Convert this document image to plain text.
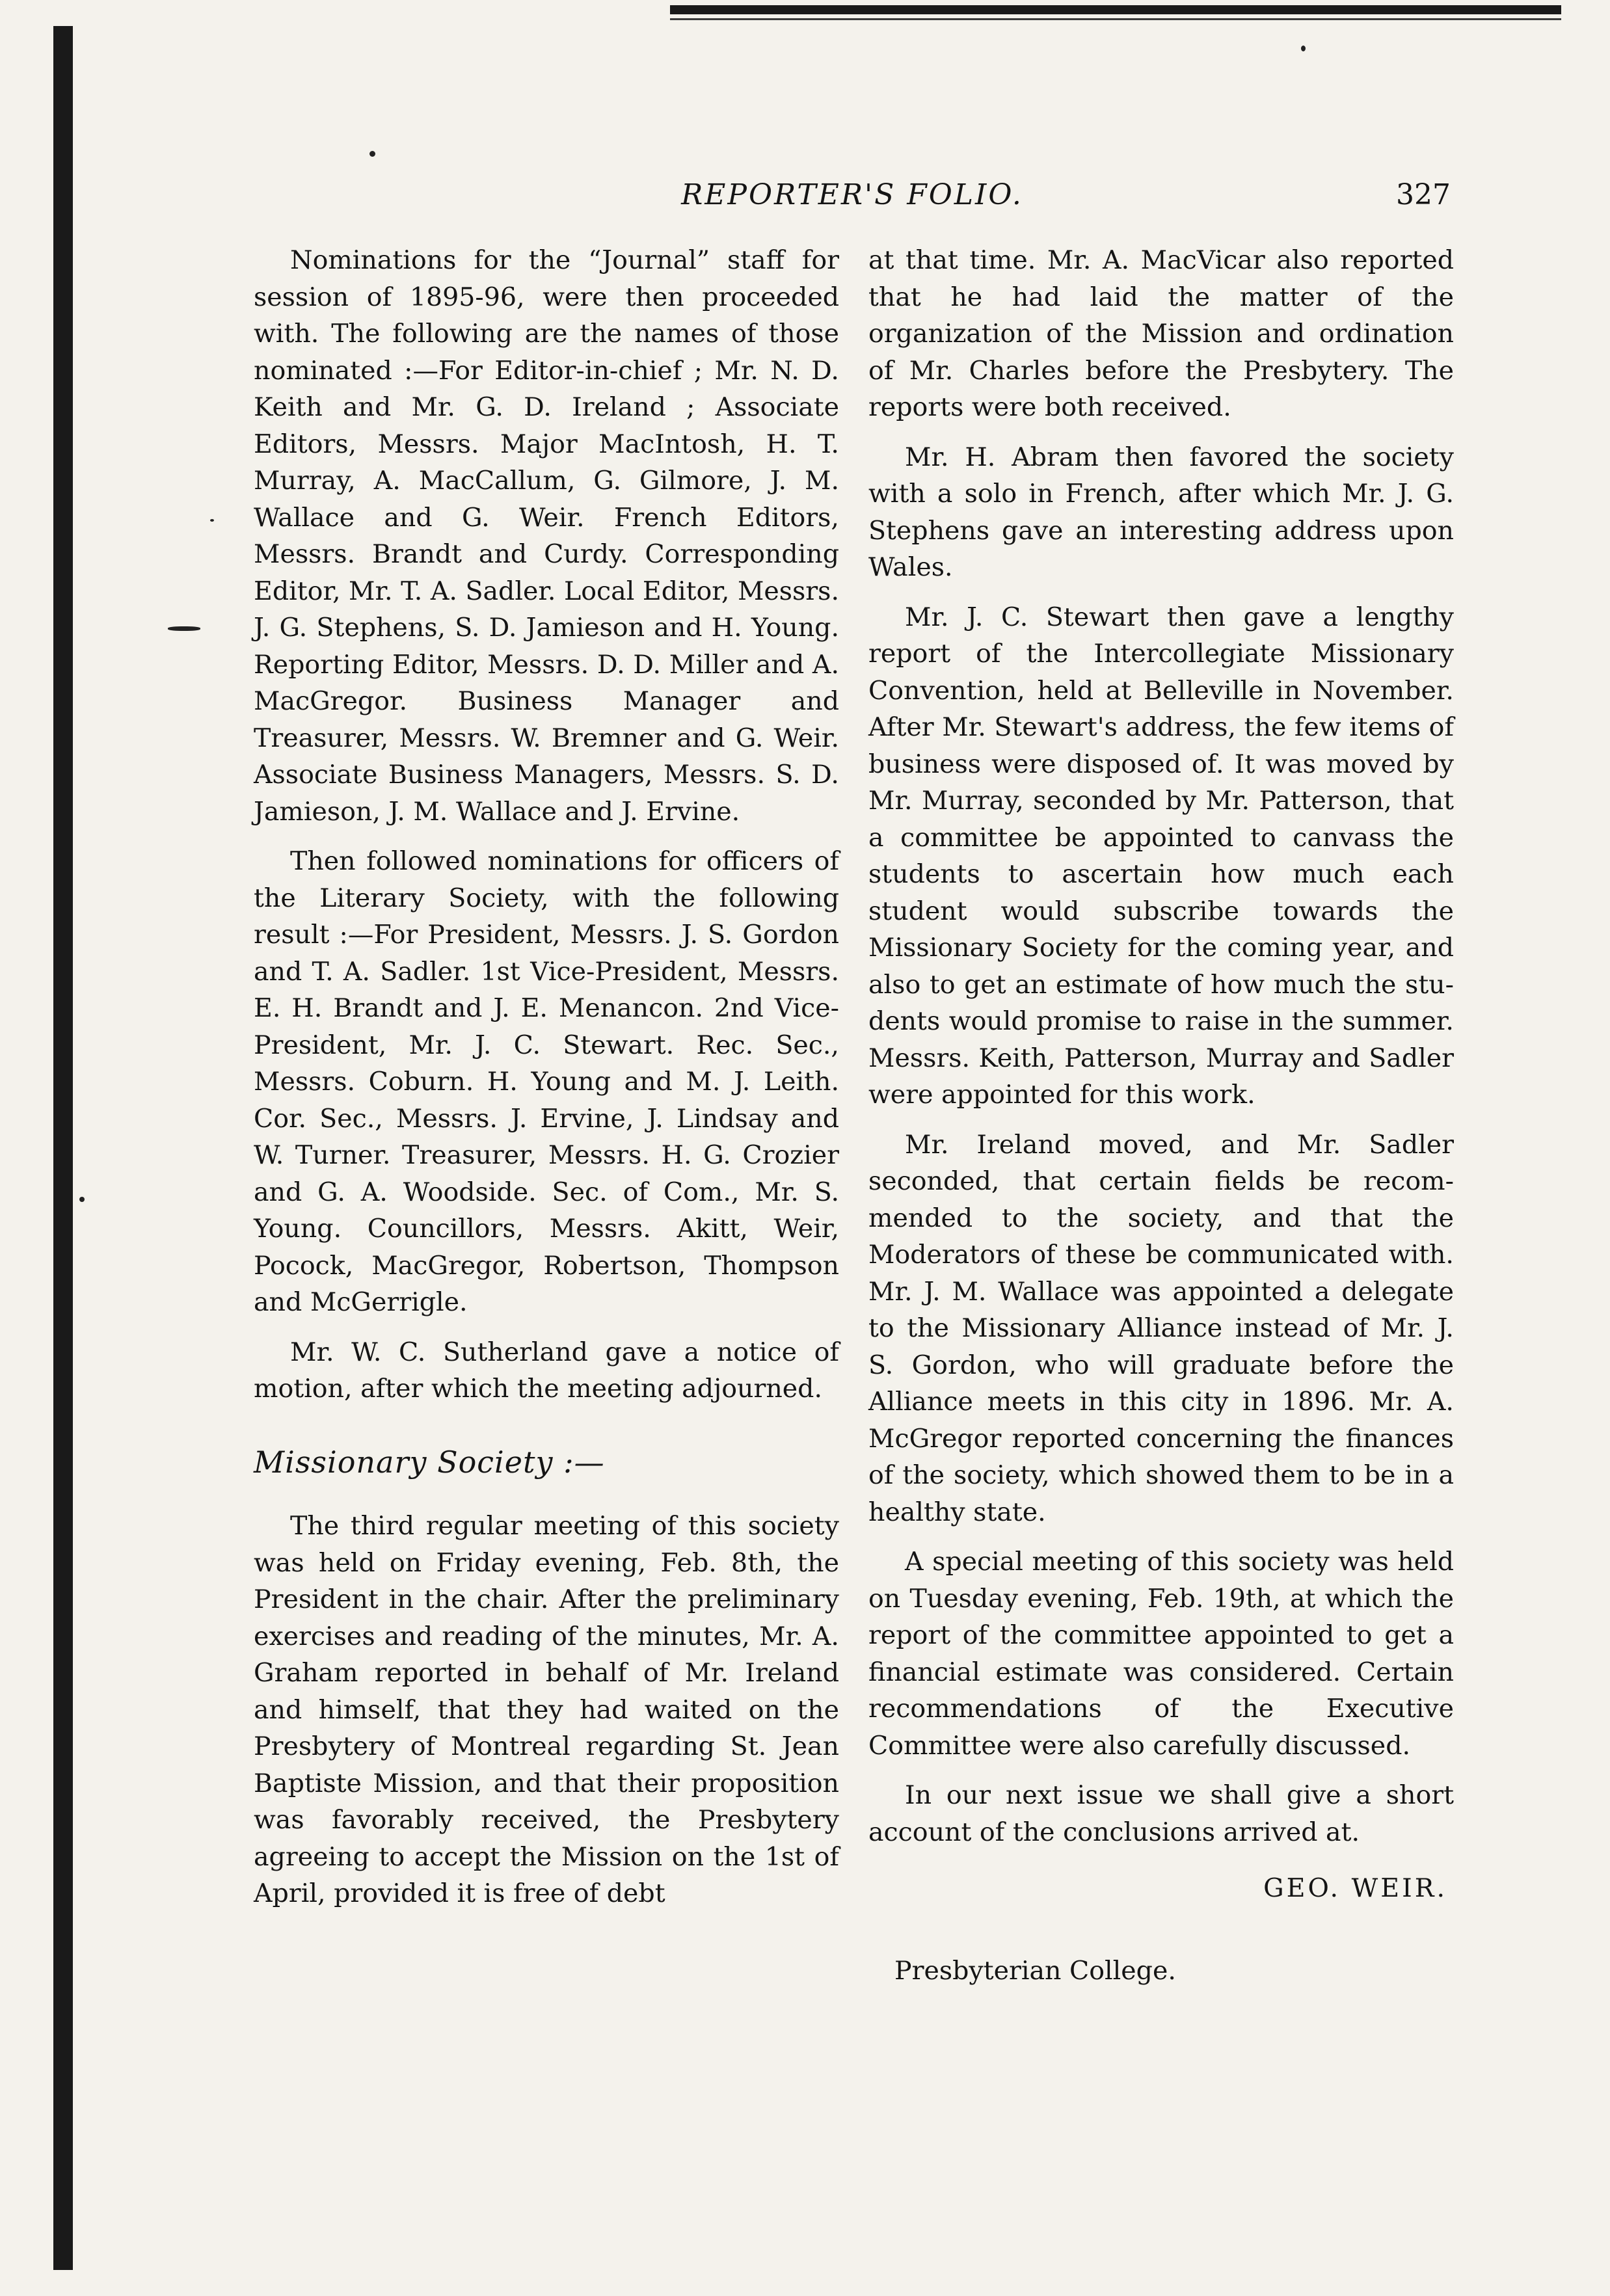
REPORTER'S FOLIO.	327

Nominations for the “Journal” staff for session of 1895-96, were then proceeded with. The following are the names of those nominated :—For Editor-in-chief ; Mr. N. D. Keith and Mr. G. D. Ireland ; Associate Editors, Messrs. Major MacIntosh, H. T. Murray, A. MacCallum, G. Gilmore, J. M. Wallace and G. Weir. French Editors, Messrs. Brandt and Curdy. Corresponding Editor, Mr. T. A. Sadler. Local Editor, Messrs. J. G. Stephens, S. D. Jamieson and H. Young. Reporting Editor, Messrs. D. D. Miller and A. MacGregor. Business Manager and Treasurer, Messrs. W. Bremner and G. Weir. Associate Business Managers, Messrs. S. D. Jamieson, J. M. Wallace and J. Ervine.

Then followed nominations for officers of the Literary Society, with the following result :—For President, Messrs. J. S. Gordon and T. A. Sadler. 1st Vice-President, Messrs. E. H. Brandt and J. E. Menancon. 2nd Vice-President, Mr. J. C. Stewart. Rec. Sec., Messrs. Coburn. H. Young and M. J. Leith. Cor. Sec., Messrs. J. Ervine, J. Lindsay and W. Turner. Treasurer, Messrs. H. G. Crozier and G. A. Woodside. Sec. of Com., Mr. S. Young. Councillors, Messrs. Akitt, Weir, Pocock, MacGregor, Robertson, Thompson and McGerrigle.

Mr. W. C. Sutherland gave a notice of motion, after which the meeting adjourned.

Missionary Society :—

The third regular meeting of this society was held on Friday evening, Feb. 8th, the President in the chair. After the preliminary exercises and reading of the minutes, Mr. A. Graham reported in behalf of Mr. Ireland and himself, that they had waited on the Presbytery of Montreal regarding St. Jean Baptiste Mission, and that their proposition was favorably received, the Presbytery agreeing to accept the Mission on the 1st of April, provided it is free of debt

at that time. Mr. A. MacVicar also reported that he had laid the matter of the organization of the Mission and ordination of Mr. Charles before the Presbytery. The reports were both received.

Mr. H. Abram then favored the society with a solo in French, after which Mr. J. G. Stephens gave an interesting address upon Wales.

Mr. J. C. Stewart then gave a lengthy report of the Intercollegiate Missionary Convention, held at Belleville in November. After Mr. Stewart's address, the few items of business were disposed of. It was moved by Mr. Murray, seconded by Mr. Patterson, that a committee be appointed to canvass the students to ascertain how much each student would subscribe towards the Missionary Society for the coming year, and also to get an estimate of how much the students would promise to raise in the summer. Messrs. Keith, Patterson, Murray and Sadler were appointed for this work.

Mr. Ireland moved, and Mr. Sadler seconded, that certain fields be recommended to the society, and that the Moderators of these be communicated with. Mr. J. M. Wallace was appointed a delegate to the Missionary Alliance instead of Mr. J. S. Gordon, who will graduate before the Alliance meets in this city in 1896. Mr. A. McGregor reported concerning the finances of the society, which showed them to be in a healthy state.

A special meeting of this society was held on Tuesday evening, Feb. 19th, at which the report of the committee appointed to get a financial estimate was considered. Certain recommendations of the Executive Committee were also carefully discussed.

In our next issue we shall give a short account of the conclusions arrived at.

GEO. WEIR.
Presbyterian College.
